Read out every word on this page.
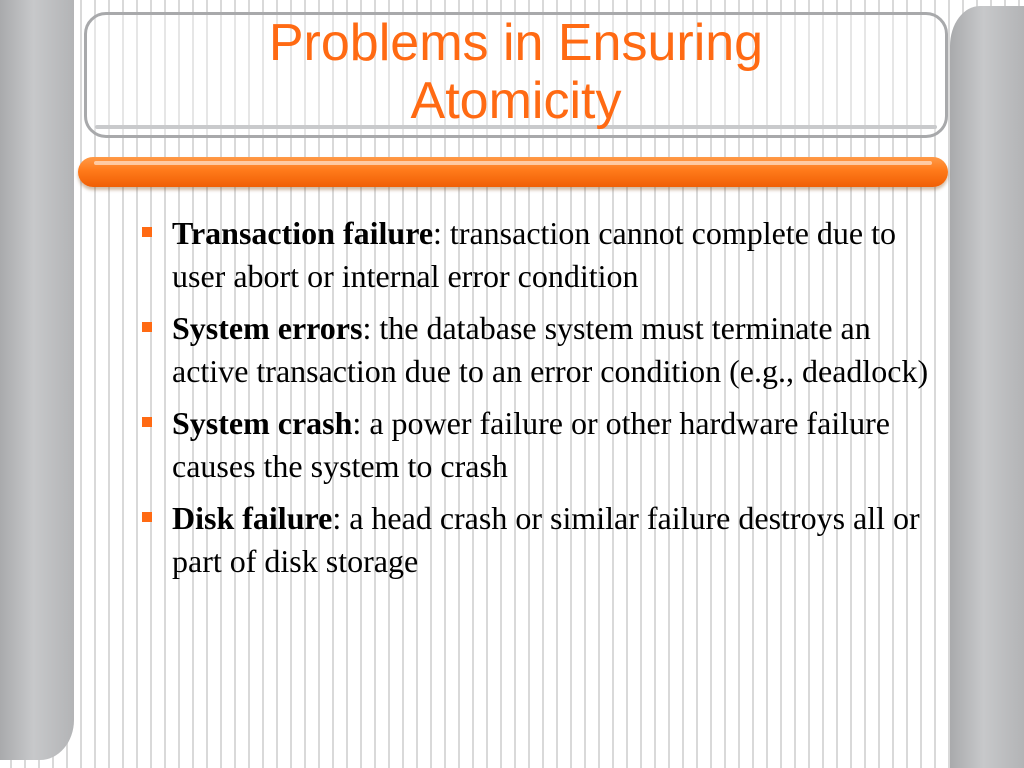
Problems in Ensuring
Atomicity
Transaction failure: transaction cannot complete due to user abort or internal error condition
System errors: the database system must terminate an active transaction due to an error condition (e.g., deadlock)
System crash: a power failure or other hardware failure causes the system to crash
Disk failure: a head crash or similar failure destroys all or part of disk storage
